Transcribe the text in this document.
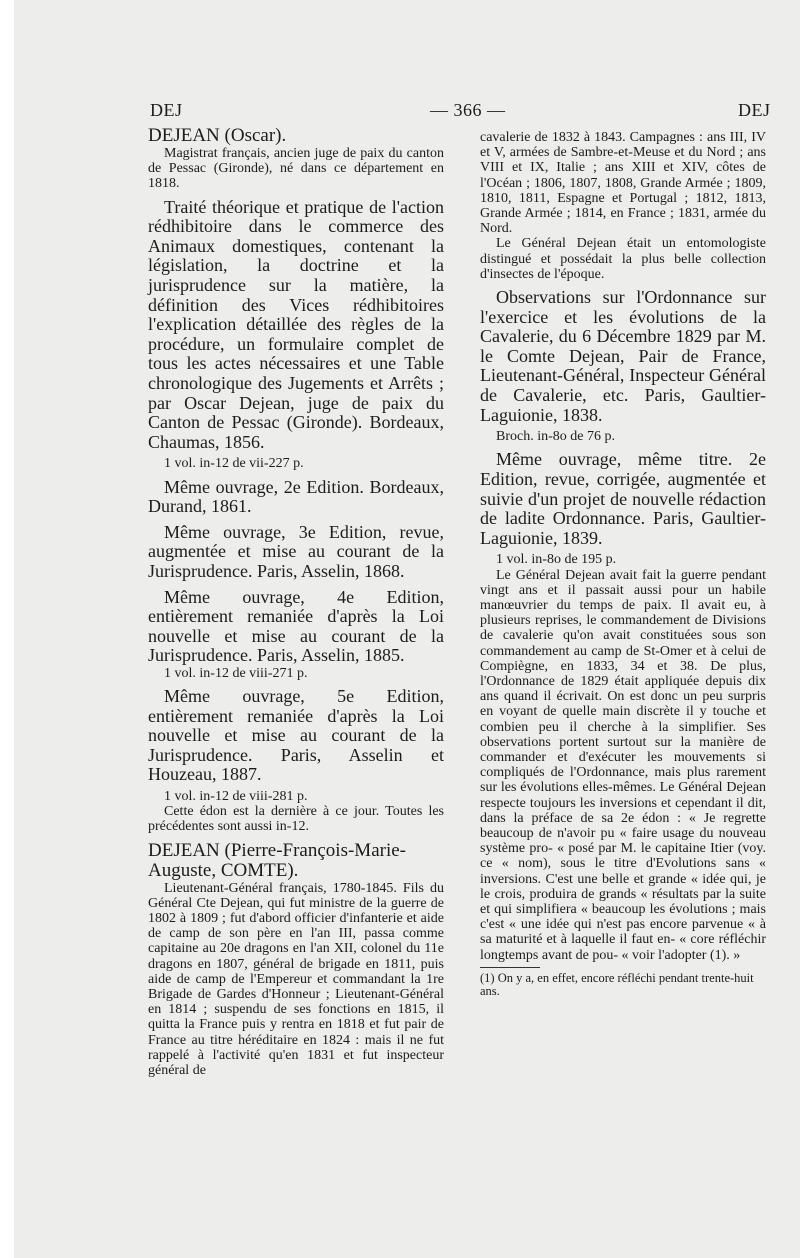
DEJ	— 366 —	DEJ

DEJEAN (Oscar).

Magistrat français, ancien juge de paix du canton de Pessac (Gironde), né dans ce département en 1818.

Traité théorique et pratique de l'action rédhibitoire dans le commerce des Animaux domestiques, contenant la législation, la doctrine et la jurisprudence sur la matière, la définition des Vices rédhibitoires l'explication détaillée des règles de la procédure, un formulaire complet de tous les actes nécessaires et une Table chronologique des Jugements et Arrêts ; par Oscar Dejean, juge de paix du Canton de Pessac (Gironde). Bordeaux, Chaumas, 1856.

1 vol. in-12 de vii-227 p.

Même ouvrage, 2e Edition. Bordeaux, Durand, 1861.

Même ouvrage, 3e Edition, revue, augmentée et mise au courant de la Jurisprudence. Paris, Asselin, 1868.

Même ouvrage, 4e Edition, entièrement remaniée d'après la Loi nouvelle et mise au courant de la Jurisprudence. Paris, Asselin, 1885.

1 vol. in-12 de viii-271 p.

Même ouvrage, 5e Edition, entièrement remaniée d'après la Loi nouvelle et mise au courant de la Jurisprudence. Paris, Asselin et Houzeau, 1887.

1 vol. in-12 de viii-281 p.

Cette édon est la dernière à ce jour. Toutes les précédentes sont aussi in-12.

DEJEAN (Pierre-François-Marie-Auguste, COMTE).

Lieutenant-Général français, 1780-1845. Fils du Général Cte Dejean, qui fut ministre de la guerre de 1802 à 1809 ; fut d'abord officier d'infanterie et aide de camp de son père en l'an III, passa comme capitaine au 20e dragons en l'an XII, colonel du 11e dragons en 1807, général de brigade en 1811, puis aide de camp de l'Empereur et commandant la 1re Brigade de Gardes d'Honneur ; Lieutenant-Général en 1814 ; suspendu de ses fonctions en 1815, il quitta la France puis y rentra en 1818 et fut pair de France au titre héréditaire en 1824 : mais il ne fut rappelé à l'activité qu'en 1831 et fut inspecteur général de

cavalerie de 1832 à 1843. Campagnes : ans III, IV et V, armées de Sambre-et-Meuse et du Nord ; ans VIII et IX, Italie ; ans XIII et XIV, côtes de l'Océan ; 1806, 1807, 1808, Grande Armée ; 1809, 1810, 1811, Espagne et Portugal ; 1812, 1813, Grande Armée ; 1814, en France ; 1831, armée du Nord.

Le Général Dejean était un entomologiste distingué et possédait la plus belle collection d'insectes de l'époque.

Observations sur l'Ordonnance sur l'exercice et les évolutions de la Cavalerie, du 6 Décembre 1829 par M. le Comte Dejean, Pair de France, Lieutenant-Général, Inspecteur Général de Cavalerie, etc. Paris, Gaultier-Laguionie, 1838.

Broch. in-8o de 76 p.

Même ouvrage, même titre. 2e Edition, revue, corrigée, augmentée et suivie d'un projet de nouvelle rédaction de ladite Ordonnance. Paris, Gaultier-Laguionie, 1839.

1 vol. in-8o de 195 p.

Le Général Dejean avait fait la guerre pendant vingt ans et il passait aussi pour un habile manœuvrier du temps de paix. Il avait eu, à plusieurs reprises, le commandement de Divisions de cavalerie qu'on avait constituées sous son commandement au camp de St-Omer et à celui de Compiègne, en 1833, 34 et 38. De plus, l'Ordonnance de 1829 était appliquée depuis dix ans quand il écrivait. On est donc un peu surpris en voyant de quelle main discrète il y touche et combien peu il cherche à la simplifier. Ses observations portent surtout sur la manière de commander et d'exécuter les mouvements si compliqués de l'Ordonnance, mais plus rarement sur les évolutions elles-mêmes. Le Général Dejean respecte toujours les inversions et cependant il dit, dans la préface de sa 2e édon : « Je regrette beaucoup de n'avoir pu « faire usage du nouveau système pro- « posé par M. le capitaine Itier (voy. ce « nom), sous le titre d'Evolutions sans « inversions. C'est une belle et grande « idée qui, je le crois, produira de grands « résultats par la suite et qui simplifiera « beaucoup les évolutions ; mais c'est « une idée qui n'est pas encore parvenue « à sa maturité et à laquelle il faut en- « core réfléchir longtemps avant de pou- « voir l'adopter (1). »

(1) On y a, en effet, encore réfléchi pendant trente-huit ans.
